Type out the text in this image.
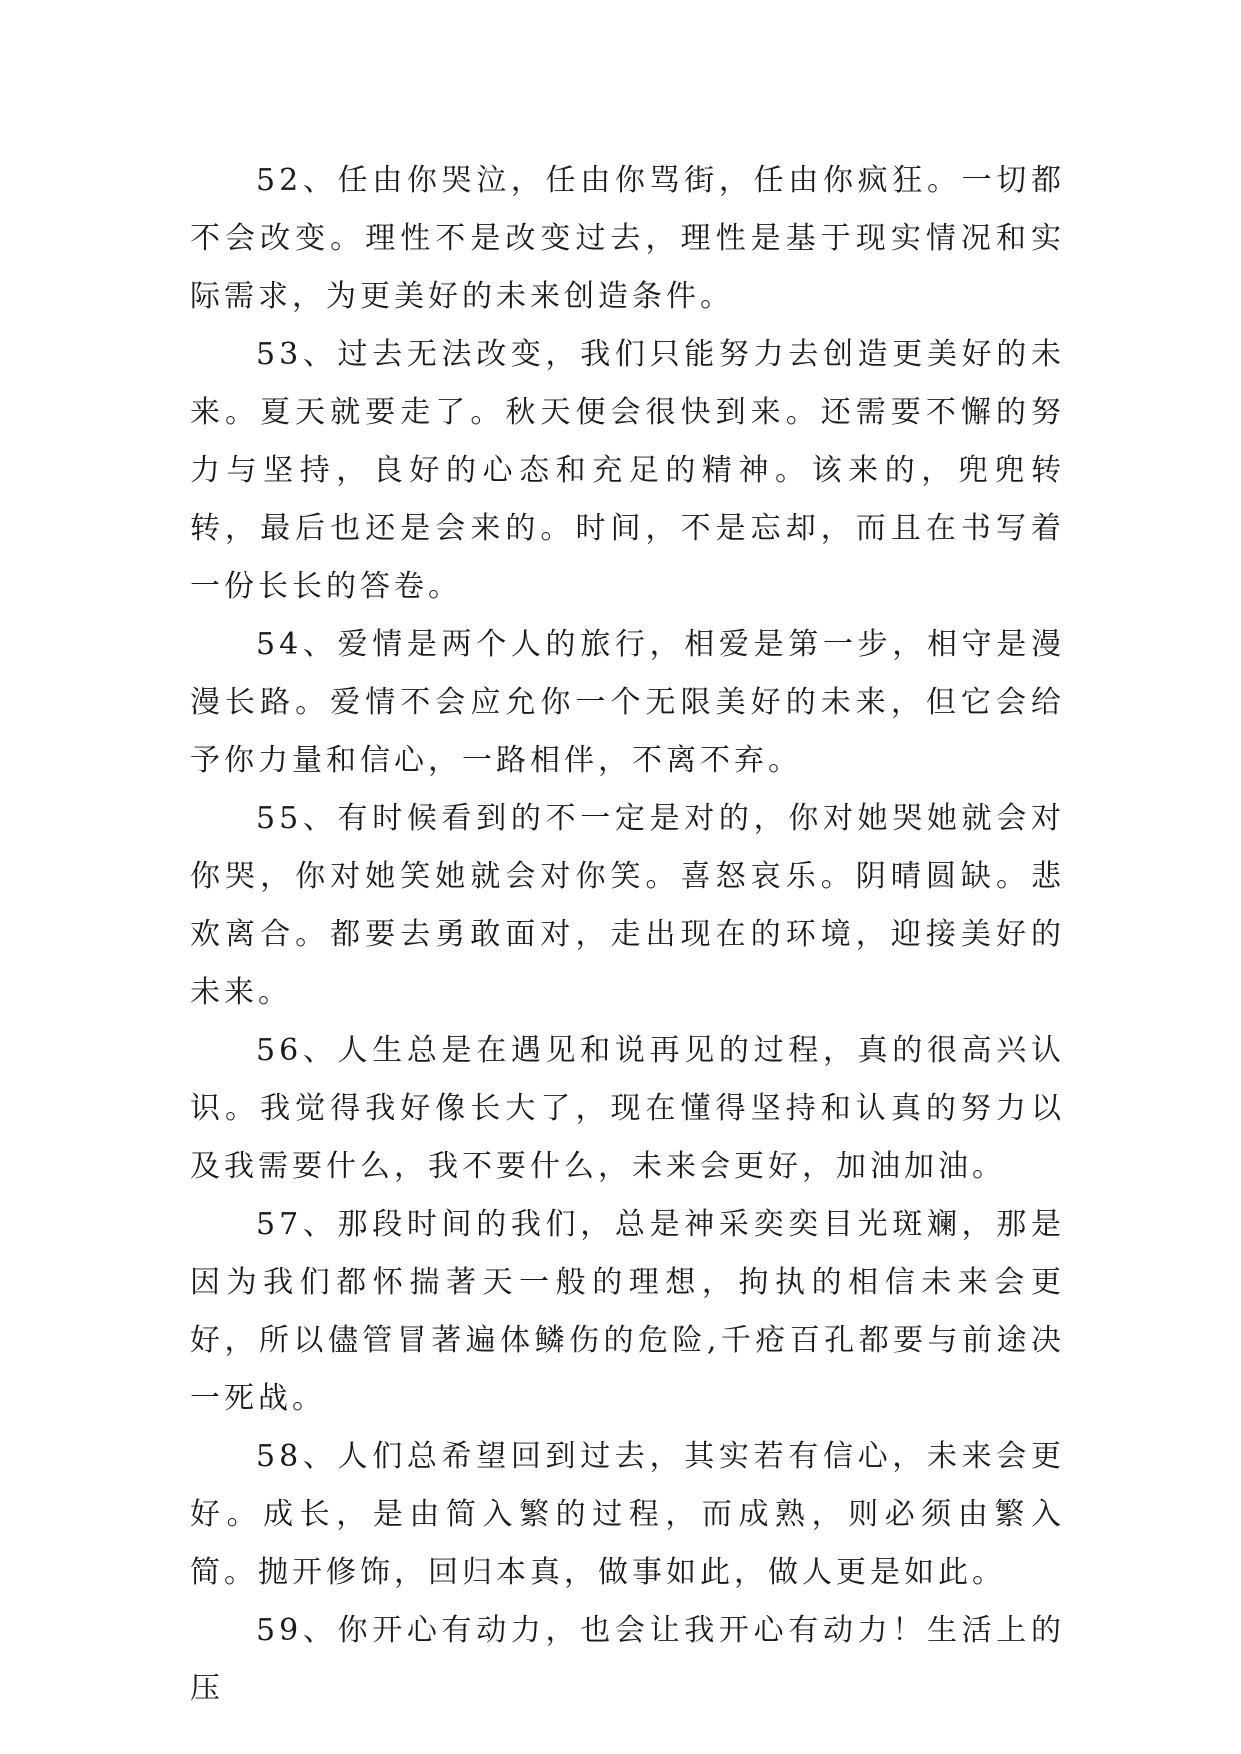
52、任由你哭泣，任由你骂街，任由你疯狂。一切都不会改变。理性不是改变过去，理性是基于现实情况和实际需求，为更美好的未来创造条件。

53、过去无法改变，我们只能努力去创造更美好的未来。夏天就要走了。秋天便会很快到来。还需要不懈的努力与坚持，良好的心态和充足的精神。该来的，兜兜转转，最后也还是会来的。时间，不是忘却，而且在书写着一份长长的答卷。

54、爱情是两个人的旅行，相爱是第一步，相守是漫漫长路。爱情不会应允你一个无限美好的未来，但它会给予你力量和信心，一路相伴，不离不弃。

55、有时候看到的不一定是对的，你对她哭她就会对你哭，你对她笑她就会对你笑。喜怒哀乐。阴晴圆缺。悲欢离合。都要去勇敢面对，走出现在的环境，迎接美好的未来。

56、人生总是在遇见和说再见的过程，真的很高兴认识。我觉得我好像长大了，现在懂得坚持和认真的努力以及我需要什么，我不要什么，未来会更好，加油加油。

57、那段时间的我们，总是神采奕奕目光斑斓，那是因为我们都怀揣著天一般的理想，拘执的相信未来会更好，所以儘管冒著遍体鳞伤的危险,千疮百孔都要与前途决一死战。

58、人们总希望回到过去，其实若有信心，未来会更好。成长，是由简入繁的过程，而成熟，则必须由繁入简。抛开修饰，回归本真，做事如此，做人更是如此。

59、你开心有动力，也会让我开心有动力！生活上的压
